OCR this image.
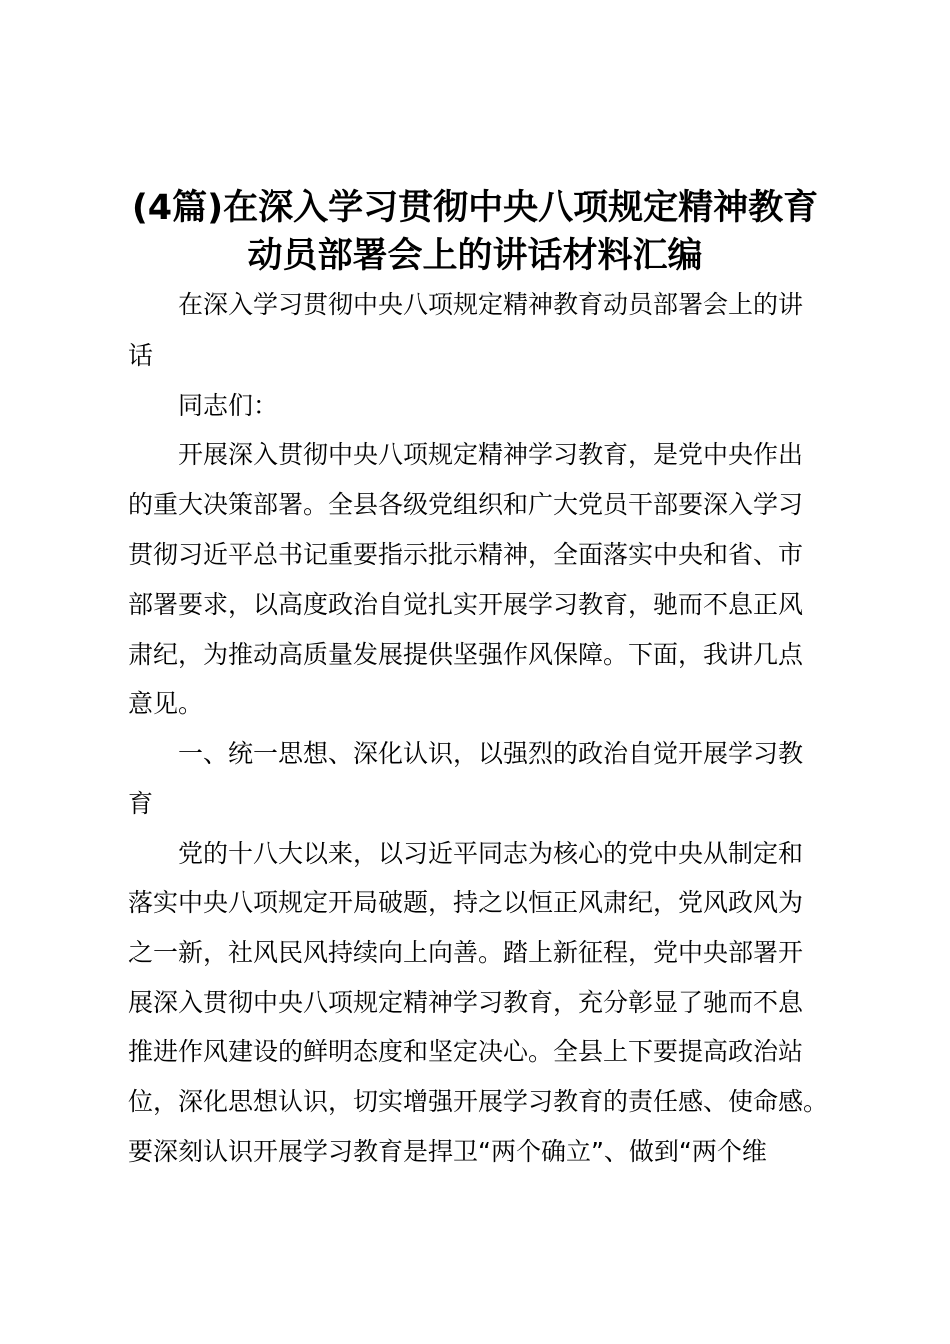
(4篇)在深入学习贯彻中央八项规定精神教育
动员部署会上的讲话材料汇编
在深入学习贯彻中央八项规定精神教育动员部署会上的讲
话
同志们：
开展深入贯彻中央八项规定精神学习教育，是党中央作出
的重大决策部署。全县各级党组织和广大党员干部要深入学习
贯彻习近平总书记重要指示批示精神，全面落实中央和省、市
部署要求，以高度政治自觉扎实开展学习教育，驰而不息正风
肃纪，为推动高质量发展提供坚强作风保障。下面，我讲几点
意见。
一、统一思想、深化认识，以强烈的政治自觉开展学习教
育
党的十八大以来，以习近平同志为核心的党中央从制定和
落实中央八项规定开局破题，持之以恒正风肃纪，党风政风为
之一新，社风民风持续向上向善。踏上新征程，党中央部署开
展深入贯彻中央八项规定精神学习教育，充分彰显了驰而不息
推进作风建设的鲜明态度和坚定决心。全县上下要提高政治站
位，深化思想认识，切实增强开展学习教育的责任感、使命感。
要深刻认识开展学习教育是捍卫“两个确立”、做到“两个维
